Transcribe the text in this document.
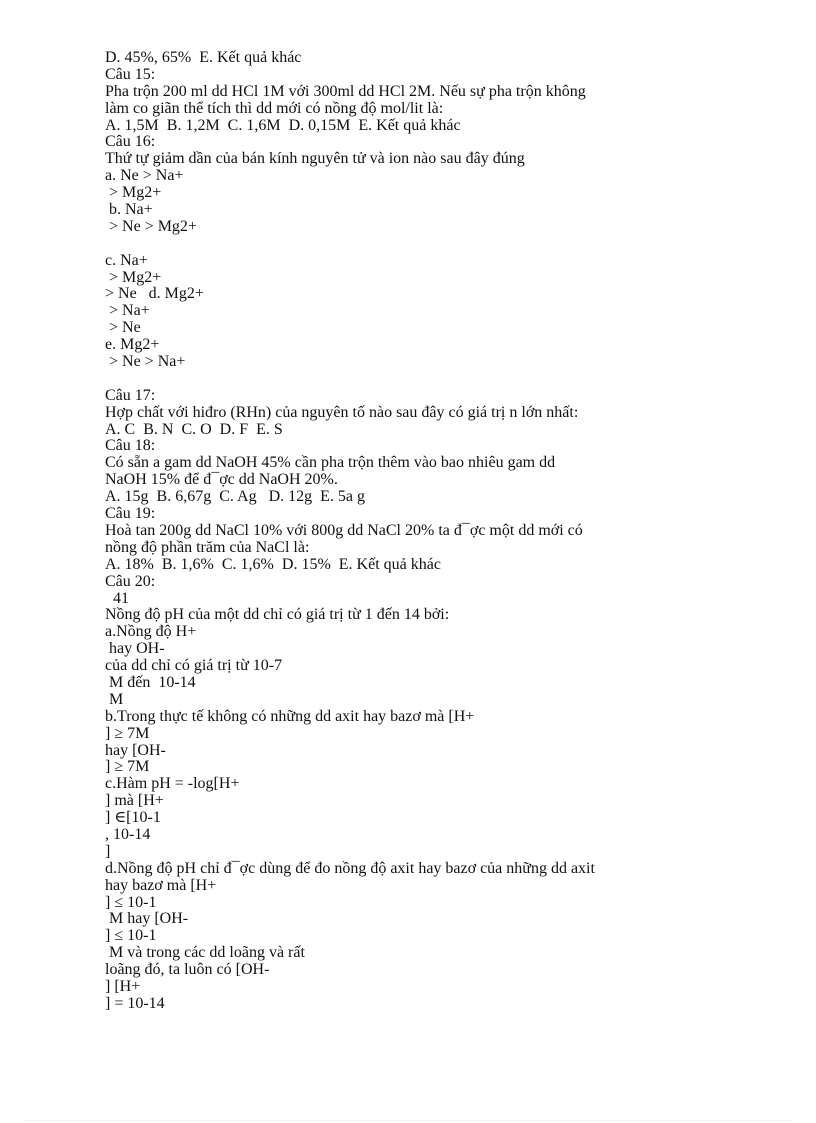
D. 45%, 65%  E. Kết quả khác
Câu 15:
Pha trộn 200 ml dd HCl 1M với 300ml dd HCl 2M. Nếu sự pha trộn không
làm co giãn thể tích thì dd mới có nồng độ mol/lit là:
A. 1,5M  B. 1,2M  C. 1,6M  D. 0,15M  E. Kết quả khác
Câu 16:
Thứ tự giảm dần của bán kính nguyên tử và ion nào sau đây đúng
a. Ne > Na+
> Mg2+
b. Na+
> Ne > Mg2+
c. Na+
> Mg2+
> Ne   d. Mg2+
> Na+
> Ne
e. Mg2+
> Ne > Na+
Câu 17:
Hợp chất với hiđro (RHn) của nguyên tố nào sau đây có giá trị n lớn nhất:
A. C  B. N  C. O  D. F  E. S
Câu 18:
Có sẵn a gam dd NaOH 45% cần pha trộn thêm vào bao nhiêu gam dd
NaOH 15% để đ¯ợc dd NaOH 20%.
A. 15g  B. 6,67g  C. Ag   D. 12g  E. 5a g
Câu 19:
Hoà tan 200g dd NaCl 10% với 800g dd NaCl 20% ta đ¯ợc một dd mới có
nồng độ phần trăm của NaCl là:
A. 18%  B. 1,6%  C. 1,6%  D. 15%  E. Kết quả khác
Câu 20:
41
Nồng độ pH của một dd chỉ có giá trị từ 1 đến 14 bởi:
a.Nồng độ H+
hay OH-
của dd chỉ có giá trị từ 10-7
M đến  10-14
M
b.Trong thực tế không có những dd axit hay bazơ mà [H+
] ≥ 7M
hay [OH-
] ≥ 7M
c.Hàm pH = -log[H+
] mà [H+
] ∈[10-1
, 10-14
]
d.Nồng độ pH chỉ đ¯ợc dùng để đo nồng độ axit hay bazơ của những dd axit
hay bazơ mà [H+
] ≤ 10-1
M hay [OH-
] ≤ 10-1
M và trong các dd loãng và rất
loãng đó, ta luôn có [OH-
] [H+
] = 10-14
